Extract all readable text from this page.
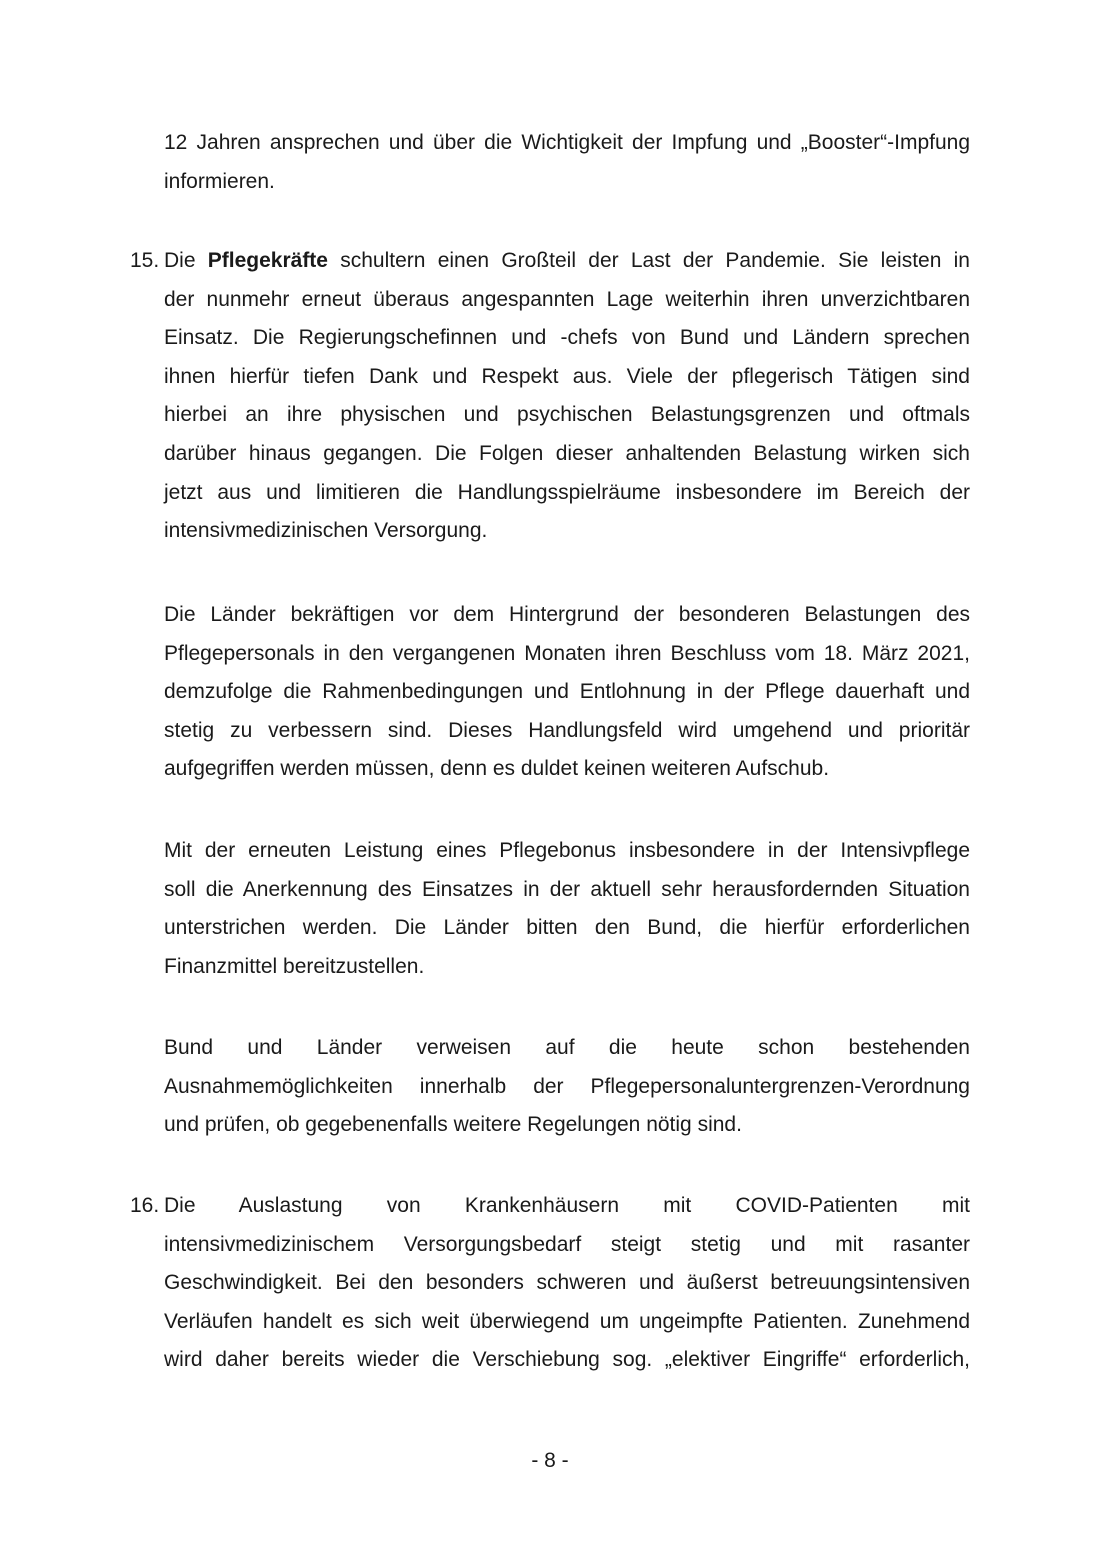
12 Jahren ansprechen und über die Wichtigkeit der Impfung und „Booster“-Impfung
informieren.
15. Die Pflegekräfte schultern einen Großteil der Last der Pandemie. Sie leisten in
der nunmehr erneut überaus angespannten Lage weiterhin ihren unverzichtbaren
Einsatz. Die Regierungschefinnen und -chefs von Bund und Ländern sprechen
ihnen hierfür tiefen Dank und Respekt aus. Viele der pflegerisch Tätigen sind
hierbei an ihre physischen und psychischen Belastungsgrenzen und oftmals
darüber hinaus gegangen. Die Folgen dieser anhaltenden Belastung wirken sich
jetzt aus und limitieren die Handlungsspielräume insbesondere im Bereich der
intensivmedizinischen Versorgung.
Die Länder bekräftigen vor dem Hintergrund der besonderen Belastungen des
Pflegepersonals in den vergangenen Monaten ihren Beschluss vom 18. März 2021,
demzufolge die Rahmenbedingungen und Entlohnung in der Pflege dauerhaft und
stetig zu verbessern sind. Dieses Handlungsfeld wird umgehend und prioritär
aufgegriffen werden müssen, denn es duldet keinen weiteren Aufschub.
Mit der erneuten Leistung eines Pflegebonus insbesondere in der Intensivpflege
soll die Anerkennung des Einsatzes in der aktuell sehr herausfordernden Situation
unterstrichen werden. Die Länder bitten den Bund, die hierfür erforderlichen
Finanzmittel bereitzustellen.
Bund und Länder verweisen auf die heute schon bestehenden
Ausnahmemöglichkeiten innerhalb der Pflegepersonaluntergrenzen-Verordnung
und prüfen, ob gegebenenfalls weitere Regelungen nötig sind.
16. Die Auslastung von Krankenhäusern mit COVID-Patienten mit
intensivmedizinischem Versorgungsbedarf steigt stetig und mit rasanter
Geschwindigkeit. Bei den besonders schweren und äußerst betreuungsintensiven
Verläufen handelt es sich weit überwiegend um ungeimpfte Patienten. Zunehmend
wird daher bereits wieder die Verschiebung sog. „elektiver Eingriffe“ erforderlich,
- 8 -
